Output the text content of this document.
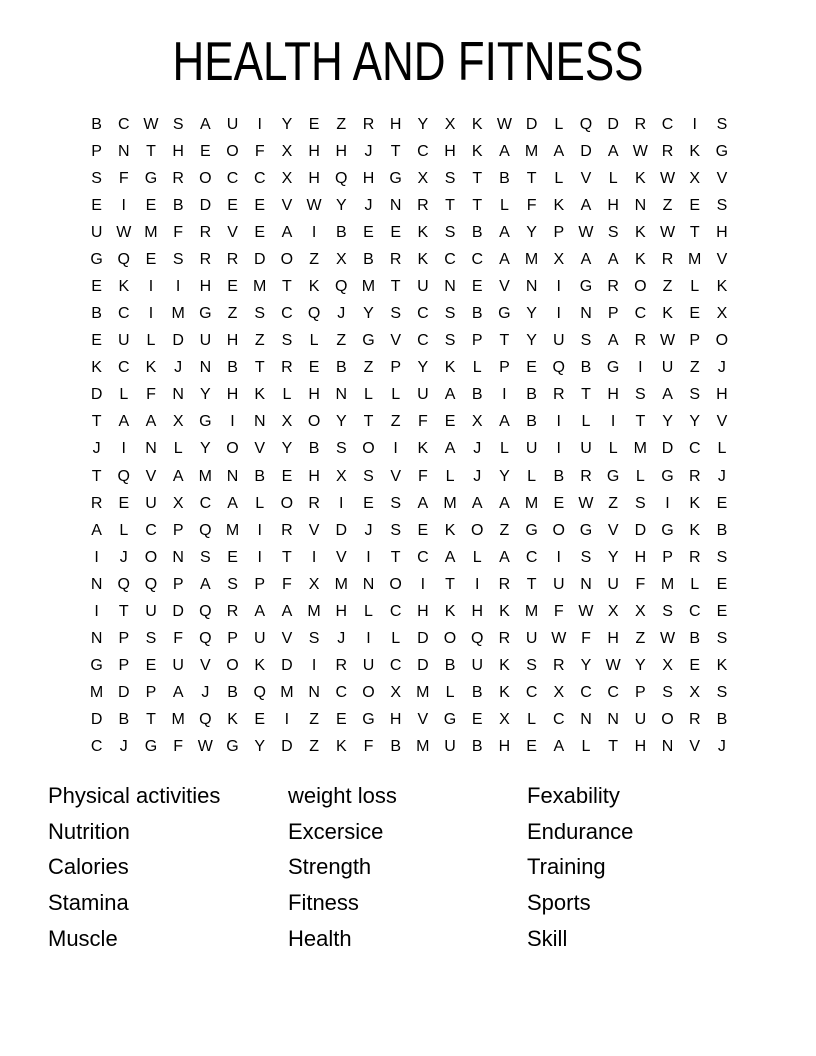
HEALTH AND FITNESS
B	C W S	A	U	I	Y	E	Z	R H	Y	X	K W D	L	Q D R C	I	S
P	N	T	H	E O	F	X	H H	J	T	C H	K	A M A	D	A W R	K G
S	F	G R O C C	X	H Q H G X	S	T	B	T	L	V	L	K W X	V
E	I	E	B	D	E	E	V W Y	J	N R	T	T	L	F	K	A	H N	Z	E	S
U W M F	R	V	E	A	I	B	E	E	K	S	B	A	Y	P W S	K W T	H
G Q E	S	R R D O	Z	X	B	R	K	C C	A M X	A	A	K	R M V
E	K	I	I	H	E M T	K Q M T	U N	E	V	N	I	G R O	Z	L	K
B	C	I	M G	Z	S	C Q	J	Y	S	C	S	B G Y	I	N	P	C	K	E	X
E	U	L	D U H	Z	S	L	Z	G V	C	S	P	T	Y	U	S	A	R W P O
K	C	K	J	N	B	T	R	E	B	Z	P	Y	K	L	P	E Q B G	I	U	Z	J
D	L	F	N	Y	H	K	L	H N	L	L	U	A	B	I	B	R	T	H	S	A	S	H
T	A	A	X G	I	N	X O Y	T	Z	F	E	X	A	B	I	L	I	T	Y	Y	V
J	I	N	L	Y O V	Y	B	S O	I	K	A	J	L	U	I	U	L	M D C	L
T	Q V	A M N	B	E	H	X	S	V	F	L	J	Y	L	B	R G	L	G R	J
R	E	U	X	C	A	L	O R	I	E	S	A M A	A M E W Z	S	I	K	E
A	L	C	P Q M	I	R	V	D	J	S	E	K O	Z	G O G V	D G K	B
I	J	O N	S	E	I	T	I	V	I	T	C	A	L	A	C	I	S	Y	H	P	R	S
N Q Q P	A	S	P	F	X M N O	I	T	I	R	T	U N U	F M	L	E
I	T	U D Q R	A	A M H	L	C H	K	H	K M F W X	X	S	C	E
N	P	S	F	Q P	U	V	S	J	I	L	D O Q R U W F	H	Z W B	S
G P	E	U	V O K	D	I	R U C D	B	U	K	S	R	Y W Y	X	E	K
M D	P	A	J	B Q M N C O X M	L	B	K	C	X	C C	P	S	X	S
D	B	T M Q K	E	I	Z	E G H	V G E	X	L	C N N U O R	B
C	J	G	F W G Y	D	Z	K	F	B M U	B	H	E	A	L	T	H N	V	J
Physical activities
Nutrition
Calories
Stamina
Muscle
weight loss
Excersice
Strength
Fitness
Health
Fexability
Endurance
Training
Sports
Skill
